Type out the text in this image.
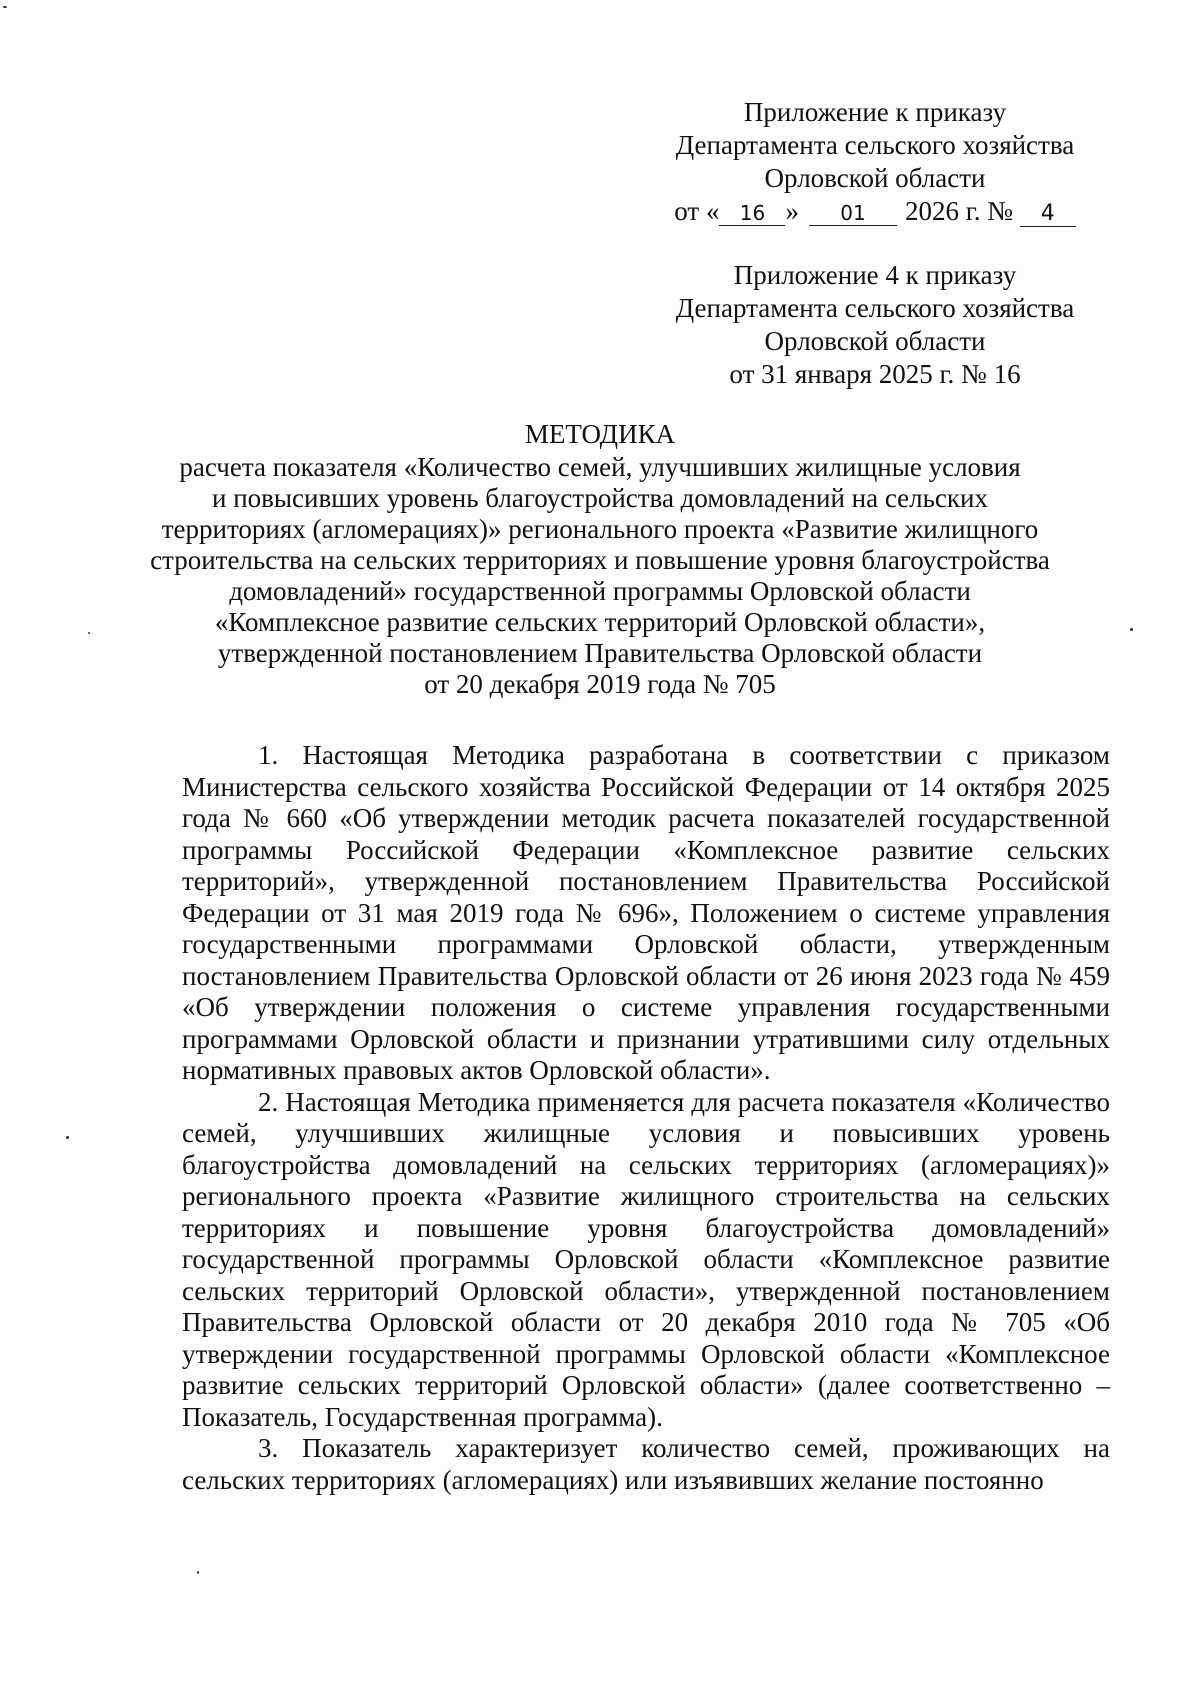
Приложение к приказу
Департамента сельского хозяйства
Орловской области
от « 16 » 01 2026 г. № 4
Приложение 4 к приказу
Департамента сельского хозяйства
Орловской области
от 31 января 2025 г. № 16
МЕТОДИКА
расчета показателя «Количество семей, улучшивших жилищные условия
и повысивших уровень благоустройства домовладений на сельских
территориях (агломерациях)» регионального проекта «Развитие жилищного
строительства на сельских территориях и повышение уровня благоустройства
домовладений» государственной программы Орловской области
«Комплексное развитие сельских территорий Орловской области»,
утвержденной постановлением Правительства Орловской области
от 20 декабря 2019 года № 705

1. Настоящая Методика разработана в соответствии с приказом Министерства сельского хозяйства Российской Федерации от 14 октября 2025 года № 660 «Об утверждении методик расчета показателей государственной программы Российской Федерации «Комплексное развитие сельских территорий», утвержденной постановлением Правительства Российской Федерации от 31 мая 2019 года № 696», Положением о системе управления государственными программами Орловской области, утвержденным постановлением Правительства Орловской области от 26 июня 2023 года № 459 «Об утверждении положения о системе управления государственными программами Орловской области и признании утратившими силу отдельных нормативных правовых актов Орловской области».

2. Настоящая Методика применяется для расчета показателя «Количество семей, улучшивших жилищные условия и повысивших уровень благоустройства домовладений на сельских территориях (агломерациях)» регионального проекта «Развитие жилищного строительства на сельских территориях и повышение уровня благоустройства домовладений» государственной программы Орловской области «Комплексное развитие сельских территорий Орловской области», утвержденной постановлением Правительства Орловской области от 20 декабря 2010 года № 705 «Об утверждении государственной программы Орловской области «Комплексное развитие сельских территорий Орловской области» (далее соответственно – Показатель, Государственная программа).

3. Показатель характеризует количество семей, проживающих на сельских территориях (агломерациях) или изъявивших желание постоянно
